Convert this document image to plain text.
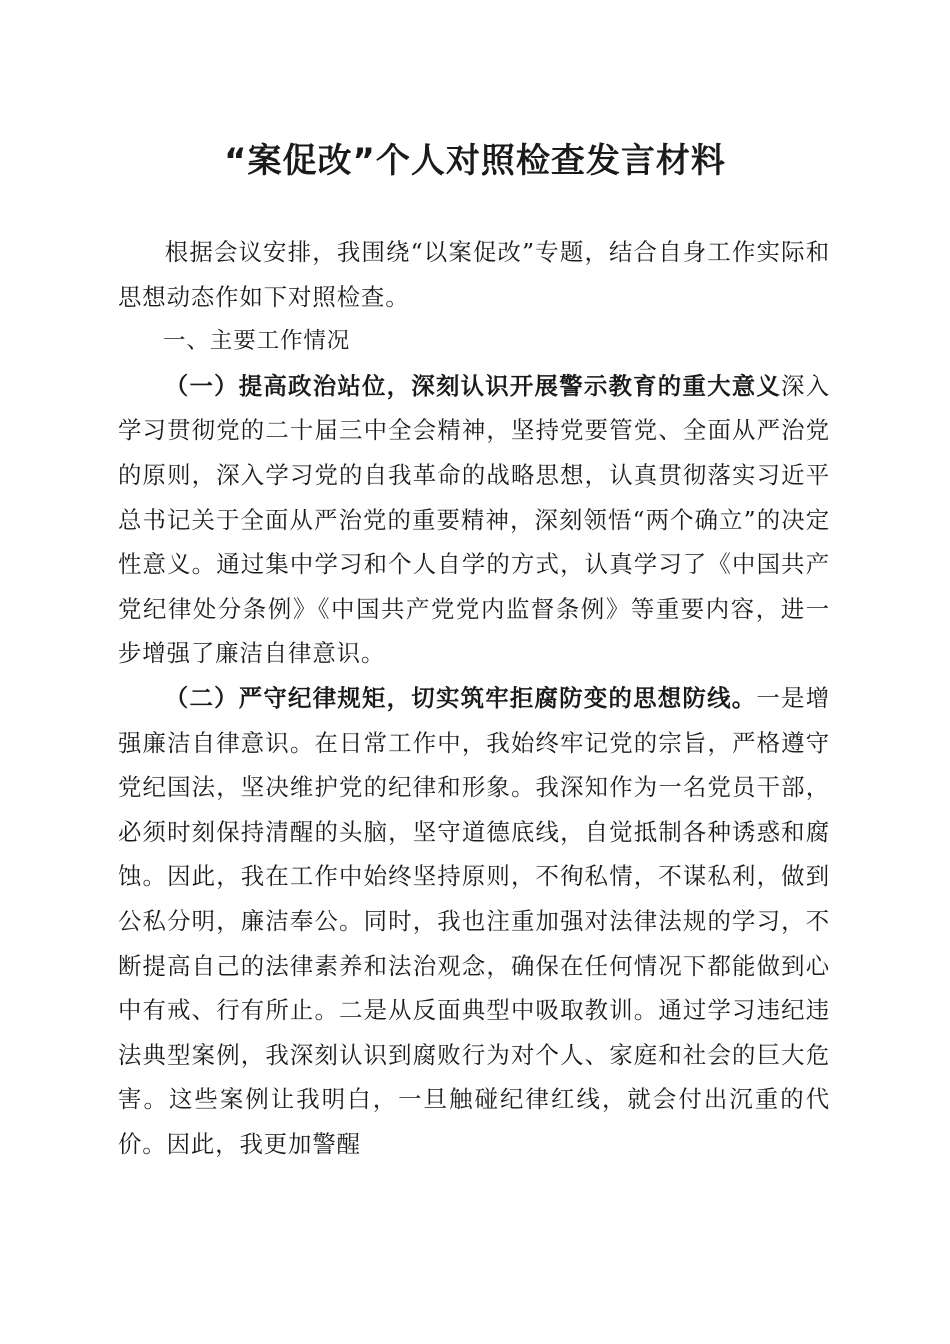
“案促改”个人对照检查发言材料

根据会议安排，我围绕“以案促改”专题，结合自身工作实际和思想动态作如下对照检查。

一、主要工作情况

（一）提高政治站位，深刻认识开展警示教育的重大意义深入学习贯彻党的二十届三中全会精神，坚持党要管党、全面从严治党的原则，深入学习党的自我革命的战略思想，认真贯彻落实习近平总书记关于全面从严治党的重要精神，深刻领悟“两个确立”的决定性意义。通过集中学习和个人自学的方式，认真学习了《中国共产党纪律处分条例》《中国共产党党内监督条例》等重要内容，进一步增强了廉洁自律意识。

（二）严守纪律规矩，切实筑牢拒腐防变的思想防线。一是增强廉洁自律意识。在日常工作中，我始终牢记党的宗旨，严格遵守党纪国法，坚决维护党的纪律和形象。我深知作为一名党员干部，必须时刻保持清醒的头脑，坚守道德底线，自觉抵制各种诱惑和腐蚀。因此，我在工作中始终坚持原则，不徇私情，不谋私利，做到公私分明，廉洁奉公。同时，我也注重加强对法律法规的学习，不断提高自己的法律素养和法治观念，确保在任何情况下都能做到心中有戒、行有所止。二是从反面典型中吸取教训。通过学习违纪违法典型案例，我深刻认识到腐败行为对个人、家庭和社会的巨大危害。这些案例让我明白，一旦触碰纪律红线，就会付出沉重的代价。因此，我更加警醒
